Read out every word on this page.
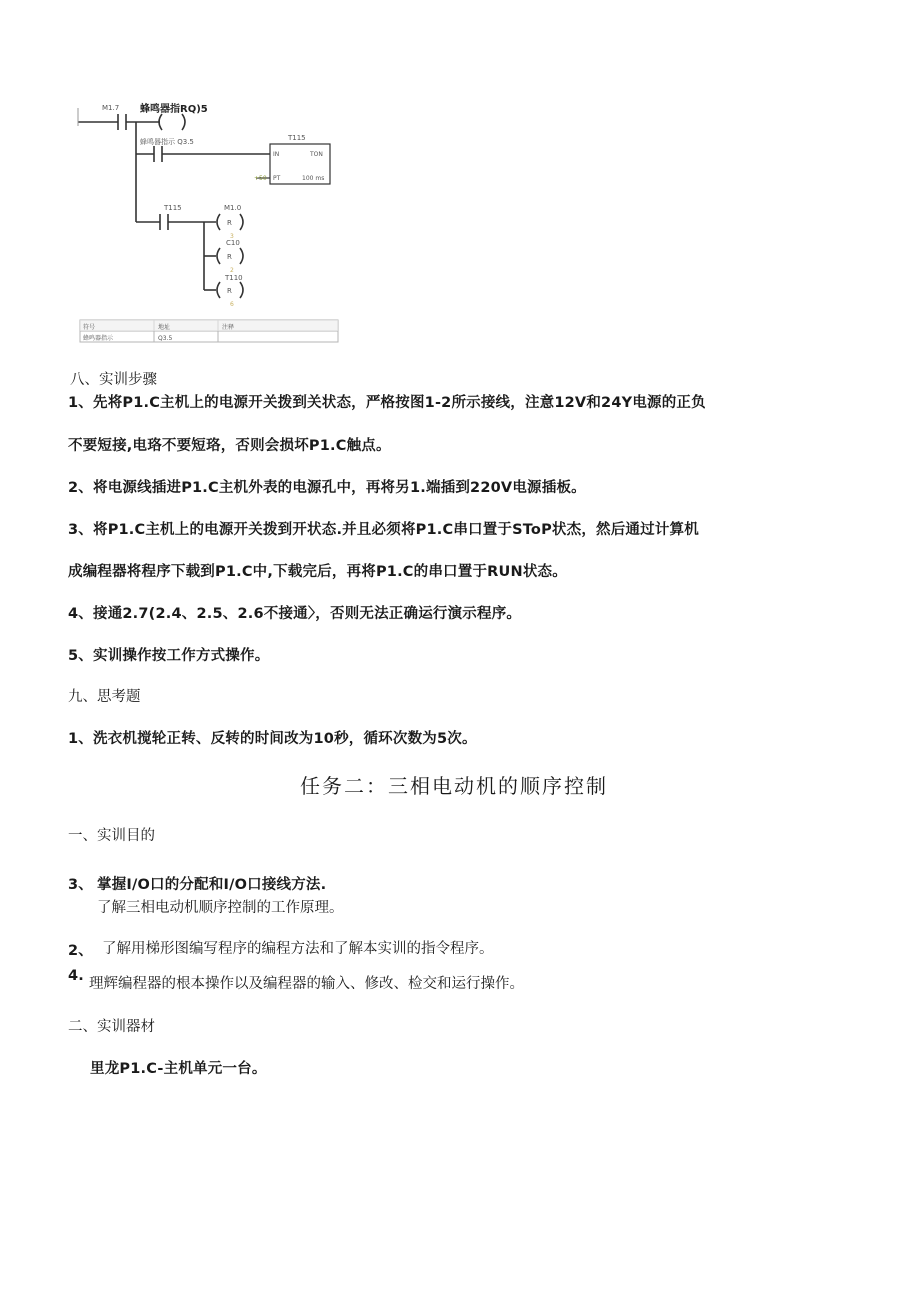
M1.7 蜂鸣器指RQ)5
蜂鸣器指示 Q3.5	T115
IN	TON
+50 PT	100 ms
T115	M1.0
C10
T110
R
R
R
3
2
6
符号	地址	注释
蜂鸣器指示	Q3.5
八、实训步骤
1、先将P1.C主机上的电源开关拨到关状态，严格按图1-2所示接线，注意12V和24Y电源的正负
不要短接,电珞不要短珞，否则会损坏P1.C触点。
2、将电源线插进P1.C主机外表的电源孔中，再将另1.端插到220V电源插板。
3、将P1.C主机上的电源开关拨到开状态.并且必须将P1.C串口置于SToP状杰，然后通过计算机
成编程器将程序下载到P1.C中,下载完后，再将P1.C的串口置于RUN状态。
4、接通2.7(2.4、2.5、2.6不接通〉，否则无法正确运行演示程序。
5、实训操作按工作方式操作。
九、思考题
1、洗衣机搅轮正转、反转的时间改为10秒，循环次数为5次。
任务二：三相电动机的顺序控制
一、实训目的
3、 掌握I/O口的分配和I/O口接线方法.
了解三相电动机顺序控制的工作原理。
2、 了解用梯形图编写程序的编程方法和了解本实训的指令程序。
4. 理辉编程器的根本操作以及编程器的输入、修改、检交和运行操作。
二、实训器材
里龙P1.C-主机单元一台。
